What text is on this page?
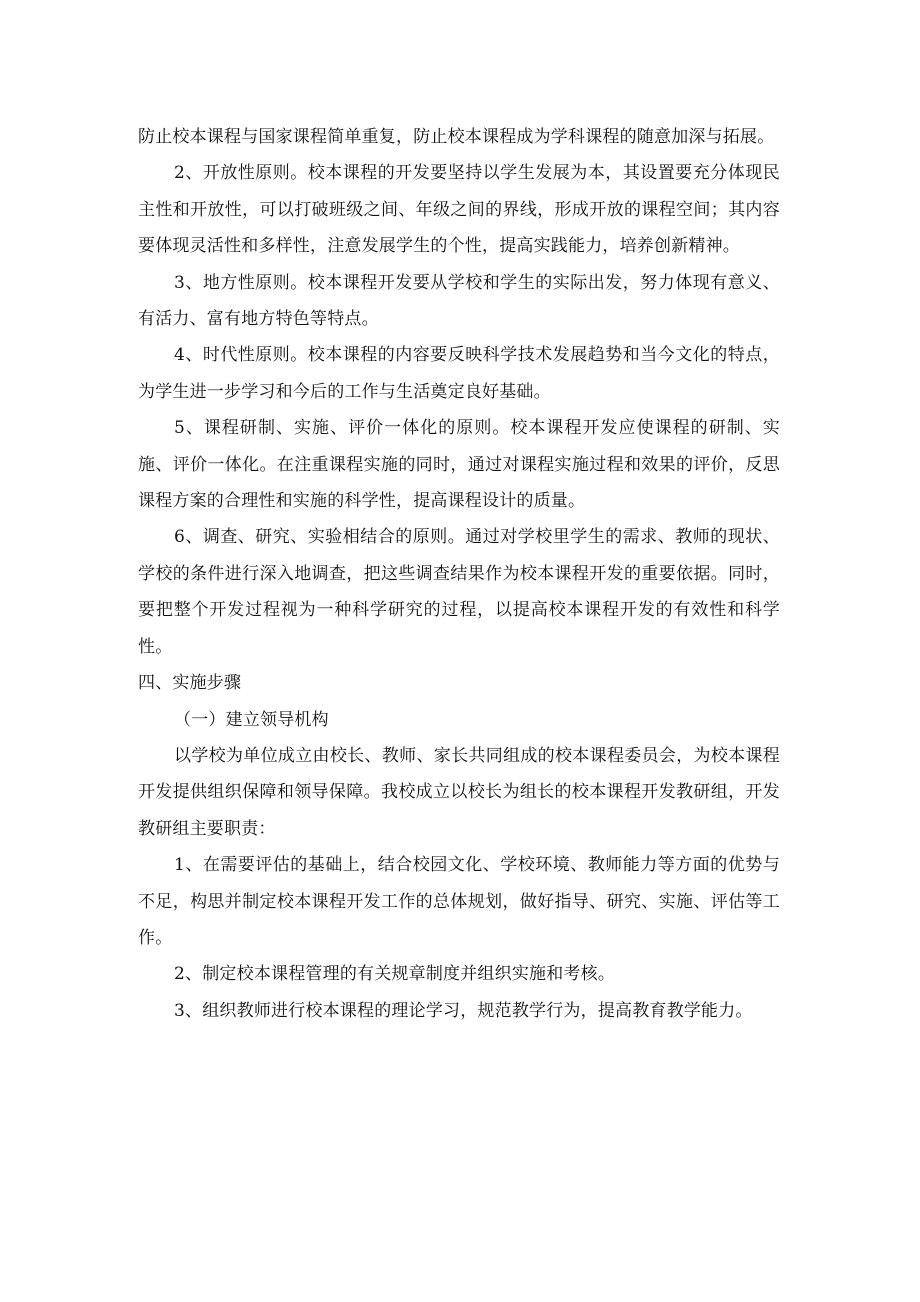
防止校本课程与国家课程简单重复，防止校本课程成为学科课程的随意加深与拓展。

2、开放性原则。校本课程的开发要坚持以学生发展为本，其设置要充分体现民主性和开放性，可以打破班级之间、年级之间的界线，形成开放的课程空间；其内容要体现灵活性和多样性，注意发展学生的个性，提高实践能力，培养创新精神。

3、地方性原则。校本课程开发要从学校和学生的实际出发，努力体现有意义、有活力、富有地方特色等特点。

4、时代性原则。校本课程的内容要反映科学技术发展趋势和当今文化的特点，为学生进一步学习和今后的工作与生活奠定良好基础。

5、课程研制、实施、评价一体化的原则。校本课程开发应使课程的研制、实施、评价一体化。在注重课程实施的同时，通过对课程实施过程和效果的评价，反思课程方案的合理性和实施的科学性，提高课程设计的质量。

6、调查、研究、实验相结合的原则。通过对学校里学生的需求、教师的现状、学校的条件进行深入地调查，把这些调查结果作为校本课程开发的重要依据。同时，要把整个开发过程视为一种科学研究的过程，以提高校本课程开发的有效性和科学性。

四、实施步骤

（一）建立领导机构

以学校为单位成立由校长、教师、家长共同组成的校本课程委员会，为校本课程开发提供组织保障和领导保障。我校成立以校长为组长的校本课程开发教研组，开发教研组主要职责：

1、在需要评估的基础上，结合校园文化、学校环境、教师能力等方面的优势与不足，构思并制定校本课程开发工作的总体规划，做好指导、研究、实施、评估等工作。

2、制定校本课程管理的有关规章制度并组织实施和考核。

3、组织教师进行校本课程的理论学习，规范教学行为，提高教育教学能力。
